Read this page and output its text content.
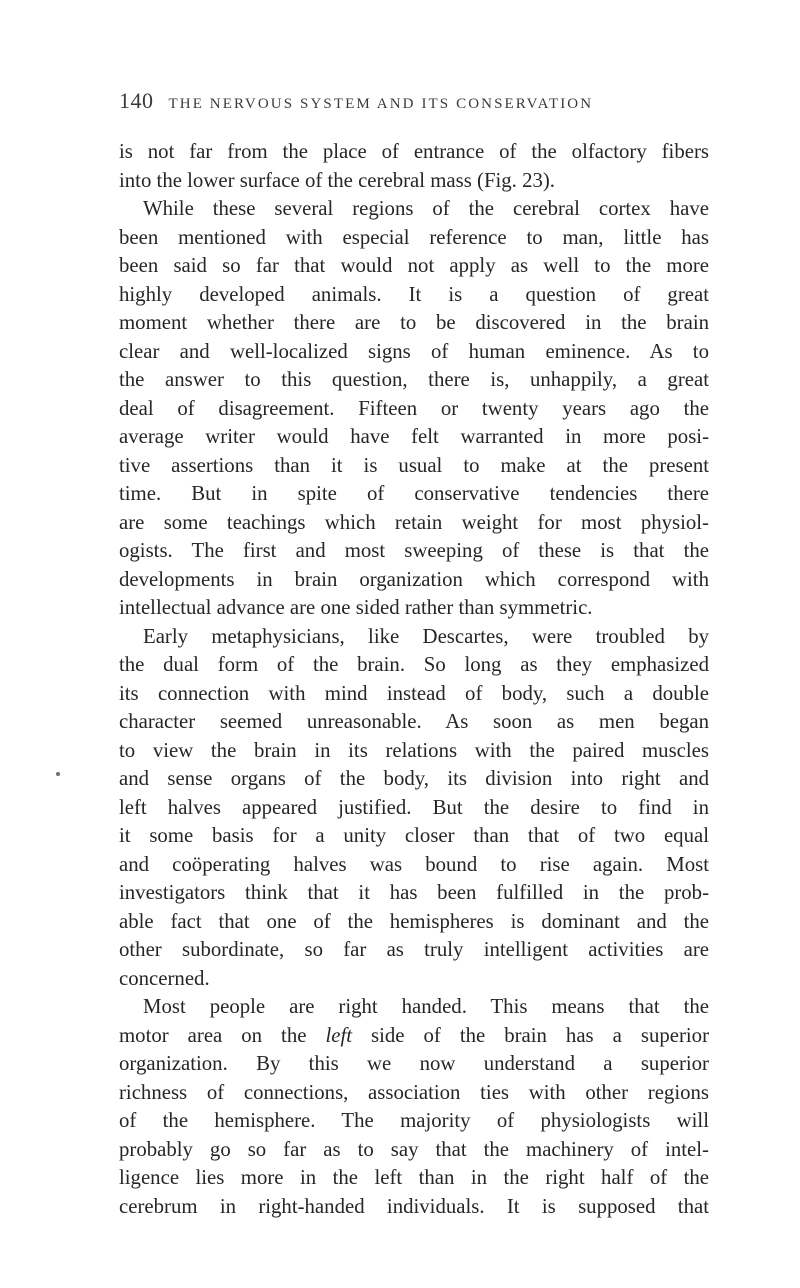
140 THE NERVOUS SYSTEM AND ITS CONSERVATION
is not far from the place of entrance of the olfactory fibers
into the lower surface of the cerebral mass (Fig. 23).
While these several regions of the cerebral cortex have
been mentioned with especial reference to man, little has
been said so far that would not apply as well to the more
highly developed animals. It is a question of great
moment whether there are to be discovered in the brain
clear and well-localized signs of human eminence. As to
the answer to this question, there is, unhappily, a great
deal of disagreement. Fifteen or twenty years ago the
average writer would have felt warranted in more posi-
tive assertions than it is usual to make at the present
time. But in spite of conservative tendencies there
are some teachings which retain weight for most physiol-
ogists. The first and most sweeping of these is that the
developments in brain organization which correspond with
intellectual advance are one sided rather than symmetric.
Early metaphysicians, like Descartes, were troubled by
the dual form of the brain. So long as they emphasized
its connection with mind instead of body, such a double
character seemed unreasonable. As soon as men began
to view the brain in its relations with the paired muscles
and sense organs of the body, its division into right and
left halves appeared justified. But the desire to find in
it some basis for a unity closer than that of two equal
and coöperating halves was bound to rise again. Most
investigators think that it has been fulfilled in the prob-
able fact that one of the hemispheres is dominant and the
other subordinate, so far as truly intelligent activities are
concerned.
Most people are right handed. This means that the
motor area on the left side of the brain has a superior
organization. By this we now understand a superior
richness of connections, association ties with other regions
of the hemisphere. The majority of physiologists will
probably go so far as to say that the machinery of intel-
ligence lies more in the left than in the right half of the
cerebrum in right-handed individuals. It is supposed that
